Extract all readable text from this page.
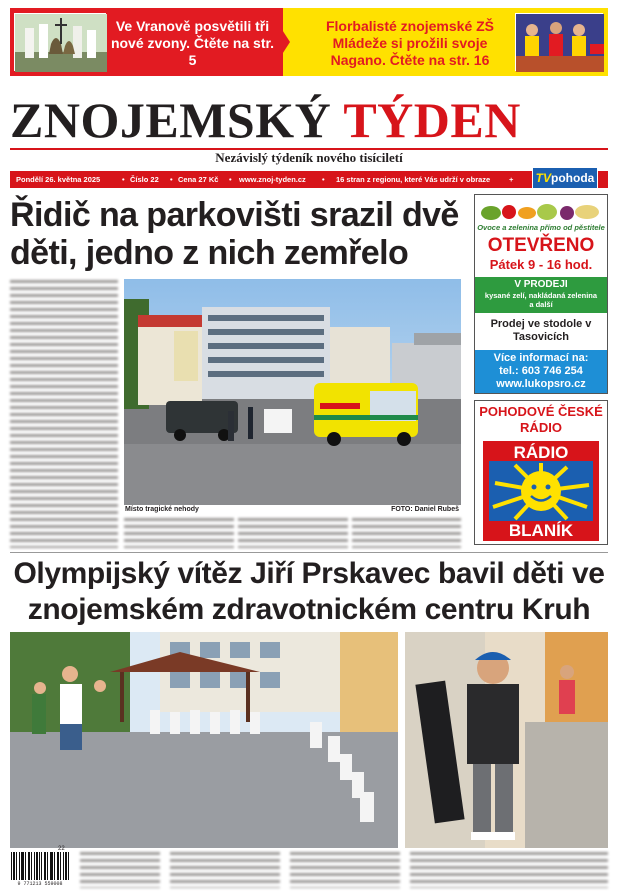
Ve Vranově posvětili tři nové zvony. Čtěte na str. 5
Florbalisté znojemské ZŠ Mládeže si prožili svoje Nagano. Čtěte na str. 16
ZNOJEMSKÝ TÝDEN
Nezávislý týdeník nového tisíciletí
Pondělí 26. května 2025	• Číslo 22 • Cena 27 Kč • www.znoj-tyden.cz • 16 stran z regionu, které Vás udrží v obraze	+	TVpohoda
Řidič na parkovišti srazil dvě děti, jedno z nich zemřelo
Místo tragické nehody	FOTO: Daniel Rubeš
Ovoce a zelenina přímo od pěstitele
OTEVŘENO
Pátek 9 - 16 hod.
V PRODEJI
kysané zelí, nakládaná zelenina a další
Prodej ve stodole v Tasovicích
Více informací na:
tel.: 603 746 254
www.lukopsro.cz
POHODOVÉ ČESKÉ RÁDIO
RÁDIO
BLANÍK
Olympijský vítěz Jiří Prskavec bavil děti ve znojemském zdravotnickém centru Kruh
22
9 771213 559008
